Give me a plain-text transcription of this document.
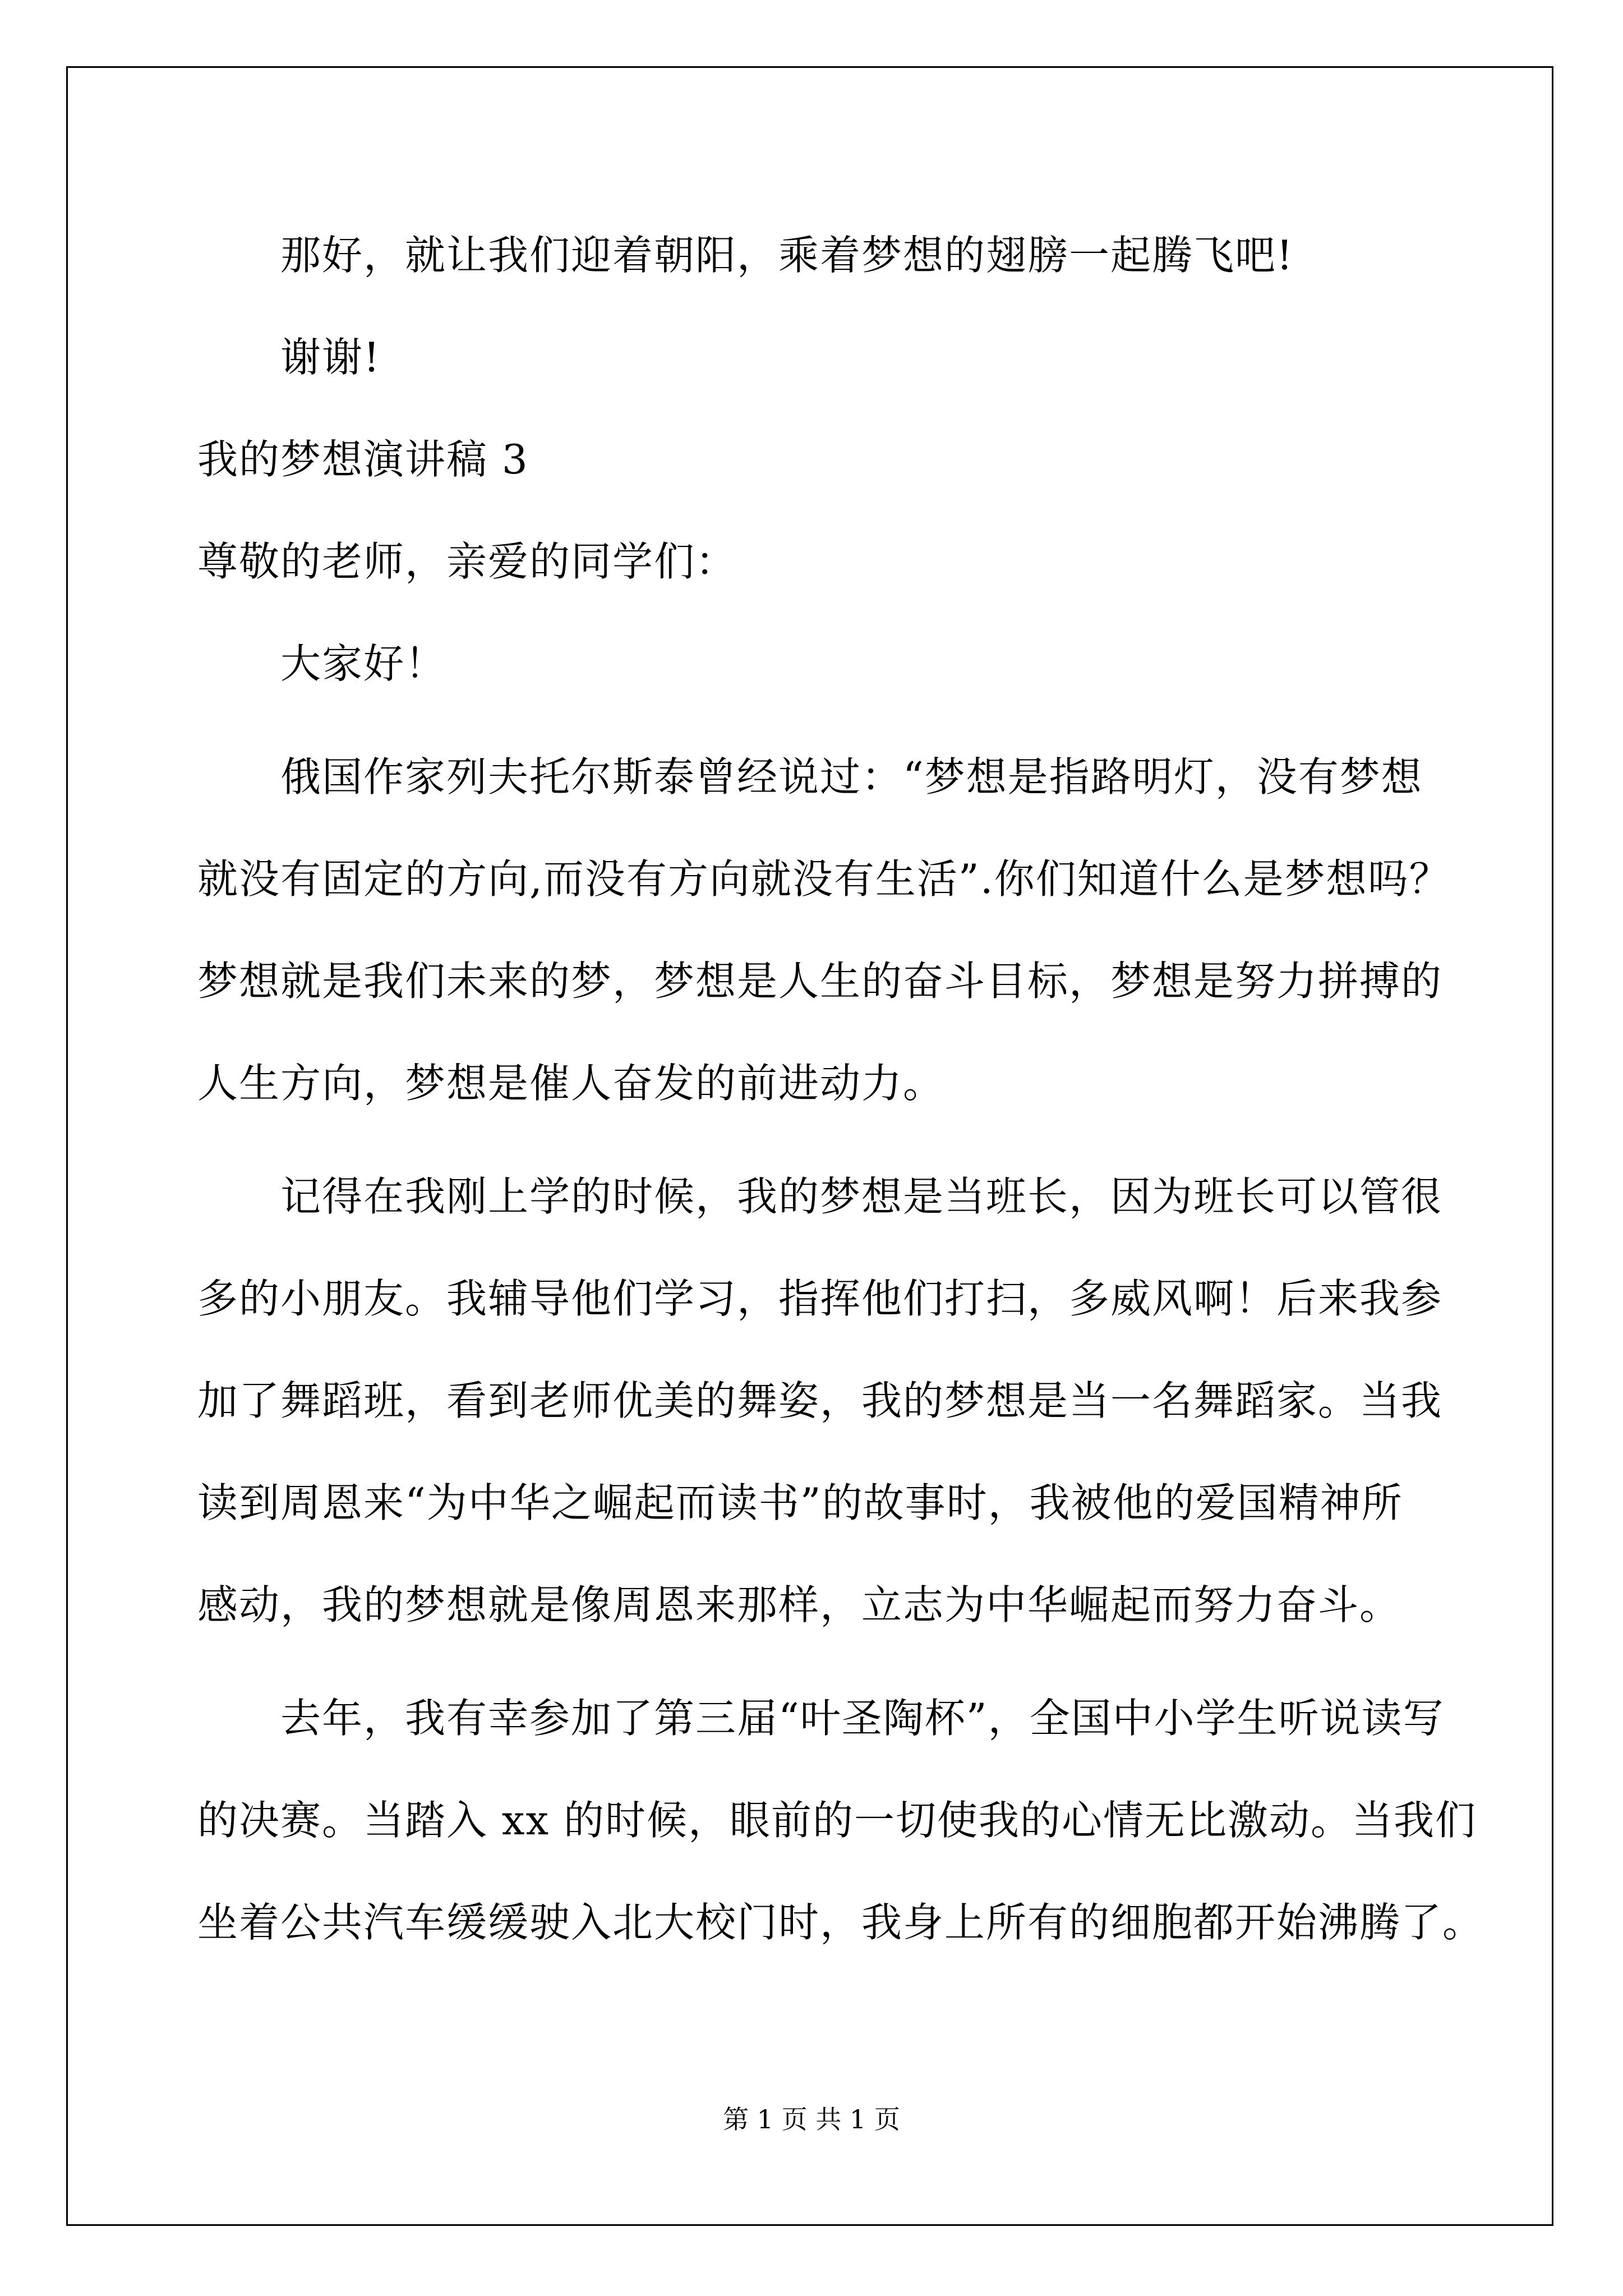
那好，就让我们迎着朝阳，乘着梦想的翅膀一起腾飞吧!
谢谢!
我的梦想演讲稿 3
尊敬的老师，亲爱的同学们：
大家好！
俄国作家列夫托尔斯泰曾经说过：“梦想是指路明灯，没有梦想
就没有固定的方向,而没有方向就没有生活”.你们知道什么是梦想吗？
梦想就是我们未来的梦，梦想是人生的奋斗目标，梦想是努力拼搏的
人生方向，梦想是催人奋发的前进动力。
记得在我刚上学的时候，我的梦想是当班长，因为班长可以管很
多的小朋友。我辅导他们学习，指挥他们打扫，多威风啊！后来我参
加了舞蹈班，看到老师优美的舞姿，我的梦想是当一名舞蹈家。当我
读到周恩来“为中华之崛起而读书”的故事时，我被他的爱国精神所
感动，我的梦想就是像周恩来那样，立志为中华崛起而努力奋斗。
去年，我有幸参加了第三届“叶圣陶杯”，全国中小学生听说读写
的决赛。当踏入 xx 的时候，眼前的一切使我的心情无比激动。当我们
坐着公共汽车缓缓驶入北大校门时，我身上所有的细胞都开始沸腾了。
第 1 页 共 1 页
